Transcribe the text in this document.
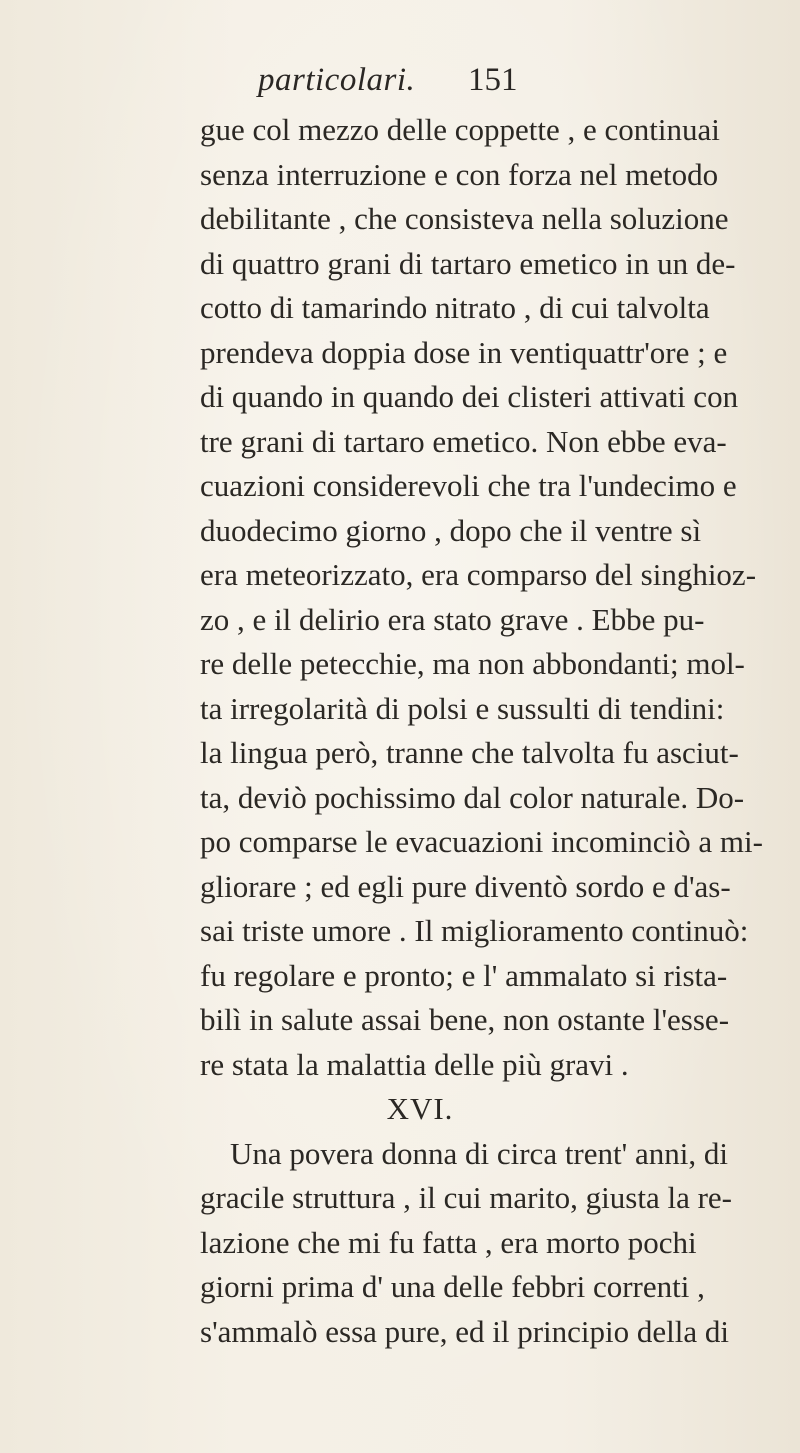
particolari. 151
gue col mezzo delle coppette , e continuai
senza interruzione e con forza nel metodo
debilitante , che consisteva nella soluzione
di quattro grani di tartaro emetico in un de-
cotto di tamarindo nitrato , di cui talvolta
prendeva doppia dose in ventiquattr'ore ; e
di quando in quando dei clisteri attivati con
tre grani di tartaro emetico. Non ebbe eva-
cuazioni considerevoli che tra l'undecimo e
duodecimo giorno , dopo che il ventre sì
era meteorizzato, era comparso del singhioz-
zo , e il delirio era stato grave . Ebbe pu-
re delle petecchie, ma non abbondanti; mol-
ta irregolarità di polsi e sussulti di tendini:
la lingua però, tranne che talvolta fu asciut-
ta, deviò pochissimo dal color naturale. Do-
po comparse le evacuazioni incominciò a mi-
gliorare ; ed egli pure diventò sordo e d'as-
sai triste umore . Il miglioramento continuò:
fu regolare e pronto; e l' ammalato si rista-
bilì in salute assai bene, non ostante l'esse-
re stata la malattia delle più gravi .
XVI.
Una povera donna di circa trent' anni, di
gracile struttura , il cui marito, giusta la re-
lazione che mi fu fatta , era morto pochi
giorni prima d' una delle febbri correnti ,
s'ammalò essa pure, ed il principio della di
